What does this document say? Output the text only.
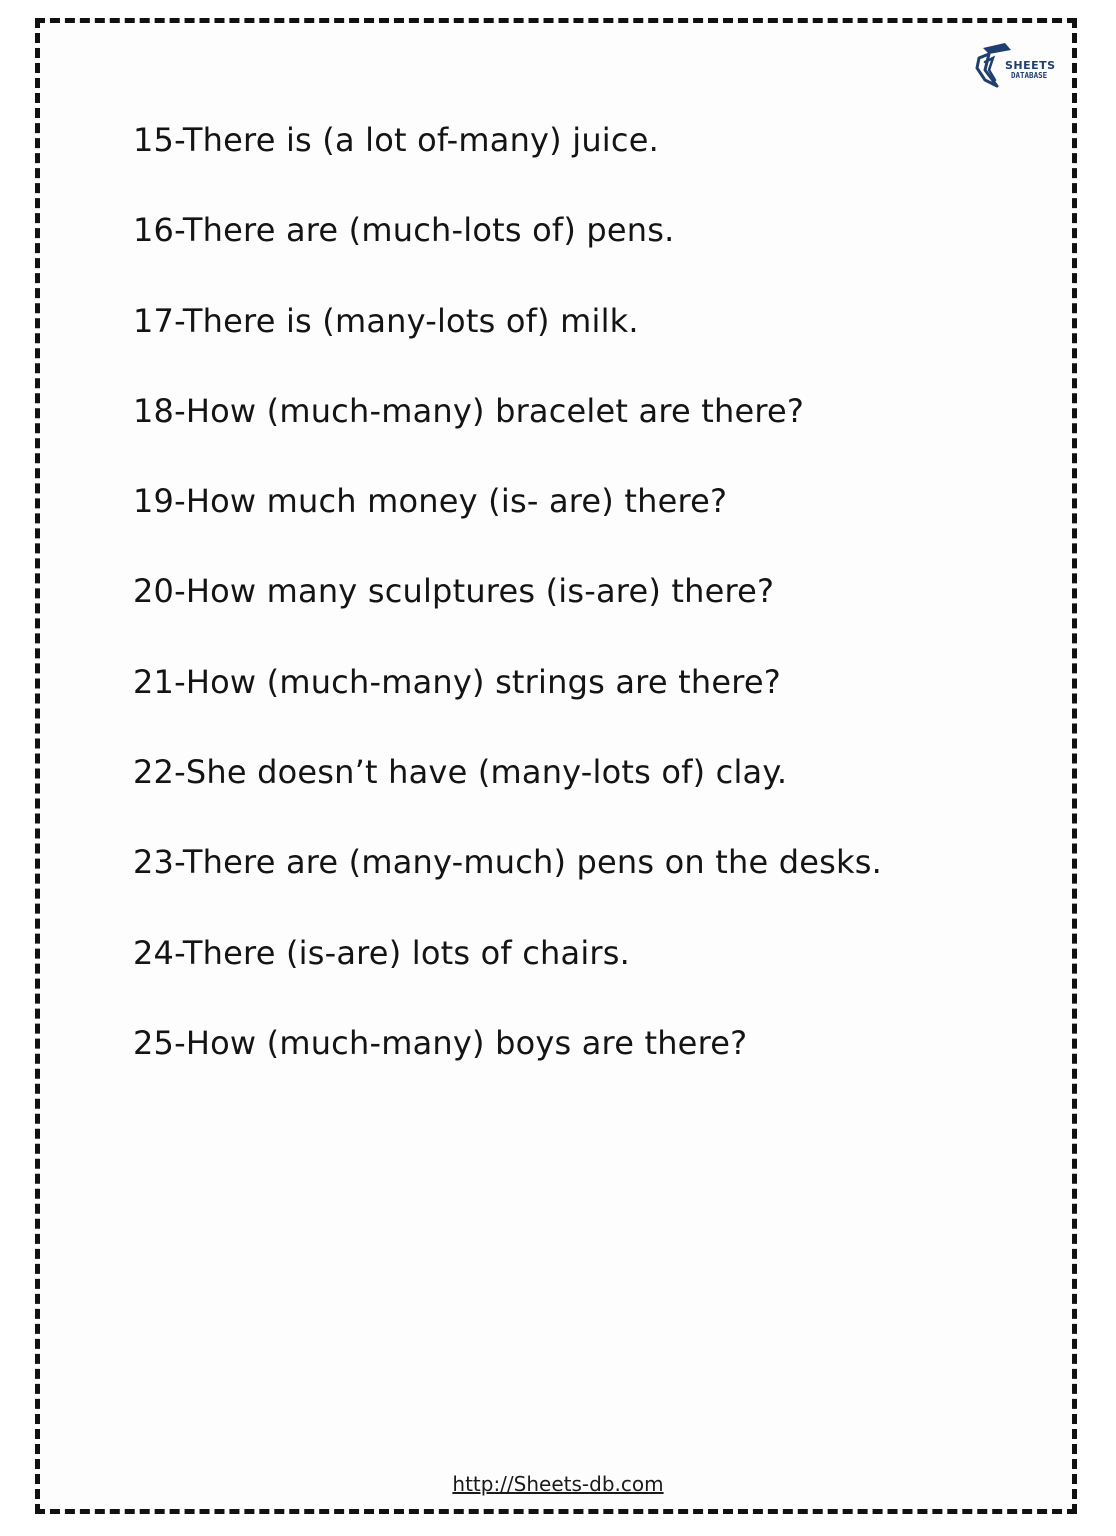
SHEETS
DATABASE
15-There is (a lot of-many) juice.
16-There are (much-lots of) pens.
17-There is (many-lots of) milk.
18-How (much-many) bracelet are there?
19-How much money (is- are) there?
20-How many sculptures (is-are) there?
21-How (much-many) strings are there?
22-She doesn’t have (many-lots of) clay.
23-There are (many-much) pens on the desks.
24-There (is-are) lots of chairs.
25-How (much-many) boys are there?
http://Sheets-db.com
